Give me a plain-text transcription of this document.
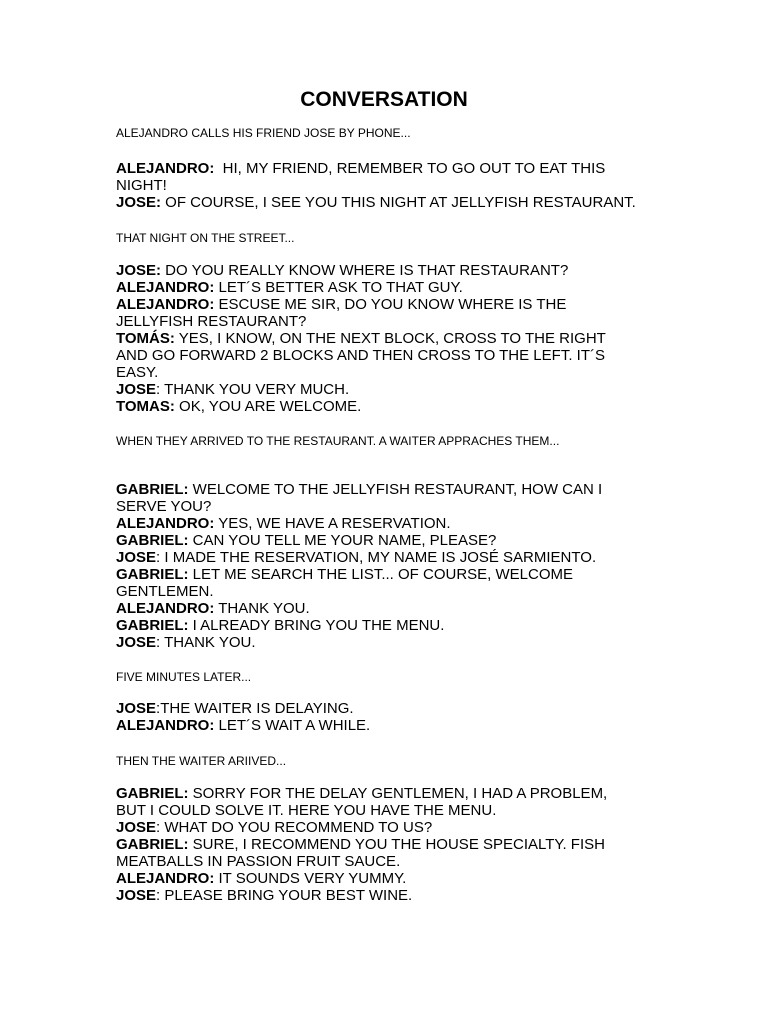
CONVERSATION

ALEJANDRO CALLS HIS FRIEND JOSE BY PHONE...

ALEJANDRO:  HI, MY FRIEND, REMEMBER TO GO OUT TO EAT THIS NIGHT!

JOSE: OF COURSE, I SEE YOU THIS NIGHT AT JELLYFISH RESTAURANT.

THAT NIGHT ON THE STREET...

JOSE: DO YOU REALLY KNOW WHERE IS THAT RESTAURANT?

ALEJANDRO: LET´S BETTER ASK TO THAT GUY.

ALEJANDRO: ESCUSE ME SIR, DO YOU KNOW WHERE IS THE JELLYFISH RESTAURANT?

TOMÁS: YES, I KNOW, ON THE NEXT BLOCK, CROSS TO THE RIGHT AND GO FORWARD 2 BLOCKS AND THEN CROSS TO THE LEFT. IT´S EASY.

JOSE: THANK YOU VERY MUCH.

TOMAS: OK, YOU ARE WELCOME.

WHEN THEY ARRIVED TO THE RESTAURANT. A WAITER APPRACHES THEM...

GABRIEL: WELCOME TO THE JELLYFISH RESTAURANT, HOW CAN I SERVE YOU?

ALEJANDRO: YES, WE HAVE A RESERVATION.

GABRIEL: CAN YOU TELL ME YOUR NAME, PLEASE?

JOSE: I MADE THE RESERVATION, MY NAME IS JOSÉ SARMIENTO.

GABRIEL: LET ME SEARCH THE LIST... OF COURSE, WELCOME GENTLEMEN.

ALEJANDRO: THANK YOU.

GABRIEL: I ALREADY BRING YOU THE MENU.

JOSE: THANK YOU.

FIVE MINUTES LATER...

JOSE:THE WAITER IS DELAYING.

ALEJANDRO: LET´S WAIT A WHILE.

THEN THE WAITER ARIIVED...

GABRIEL: SORRY FOR THE DELAY GENTLEMEN, I HAD A PROBLEM, BUT I COULD SOLVE IT. HERE YOU HAVE THE MENU.

JOSE: WHAT DO YOU RECOMMEND TO US?

GABRIEL: SURE, I RECOMMEND YOU THE HOUSE SPECIALTY. FISH MEATBALLS IN PASSION FRUIT SAUCE.

ALEJANDRO: IT SOUNDS VERY YUMMY.

JOSE: PLEASE BRING YOUR BEST WINE.
